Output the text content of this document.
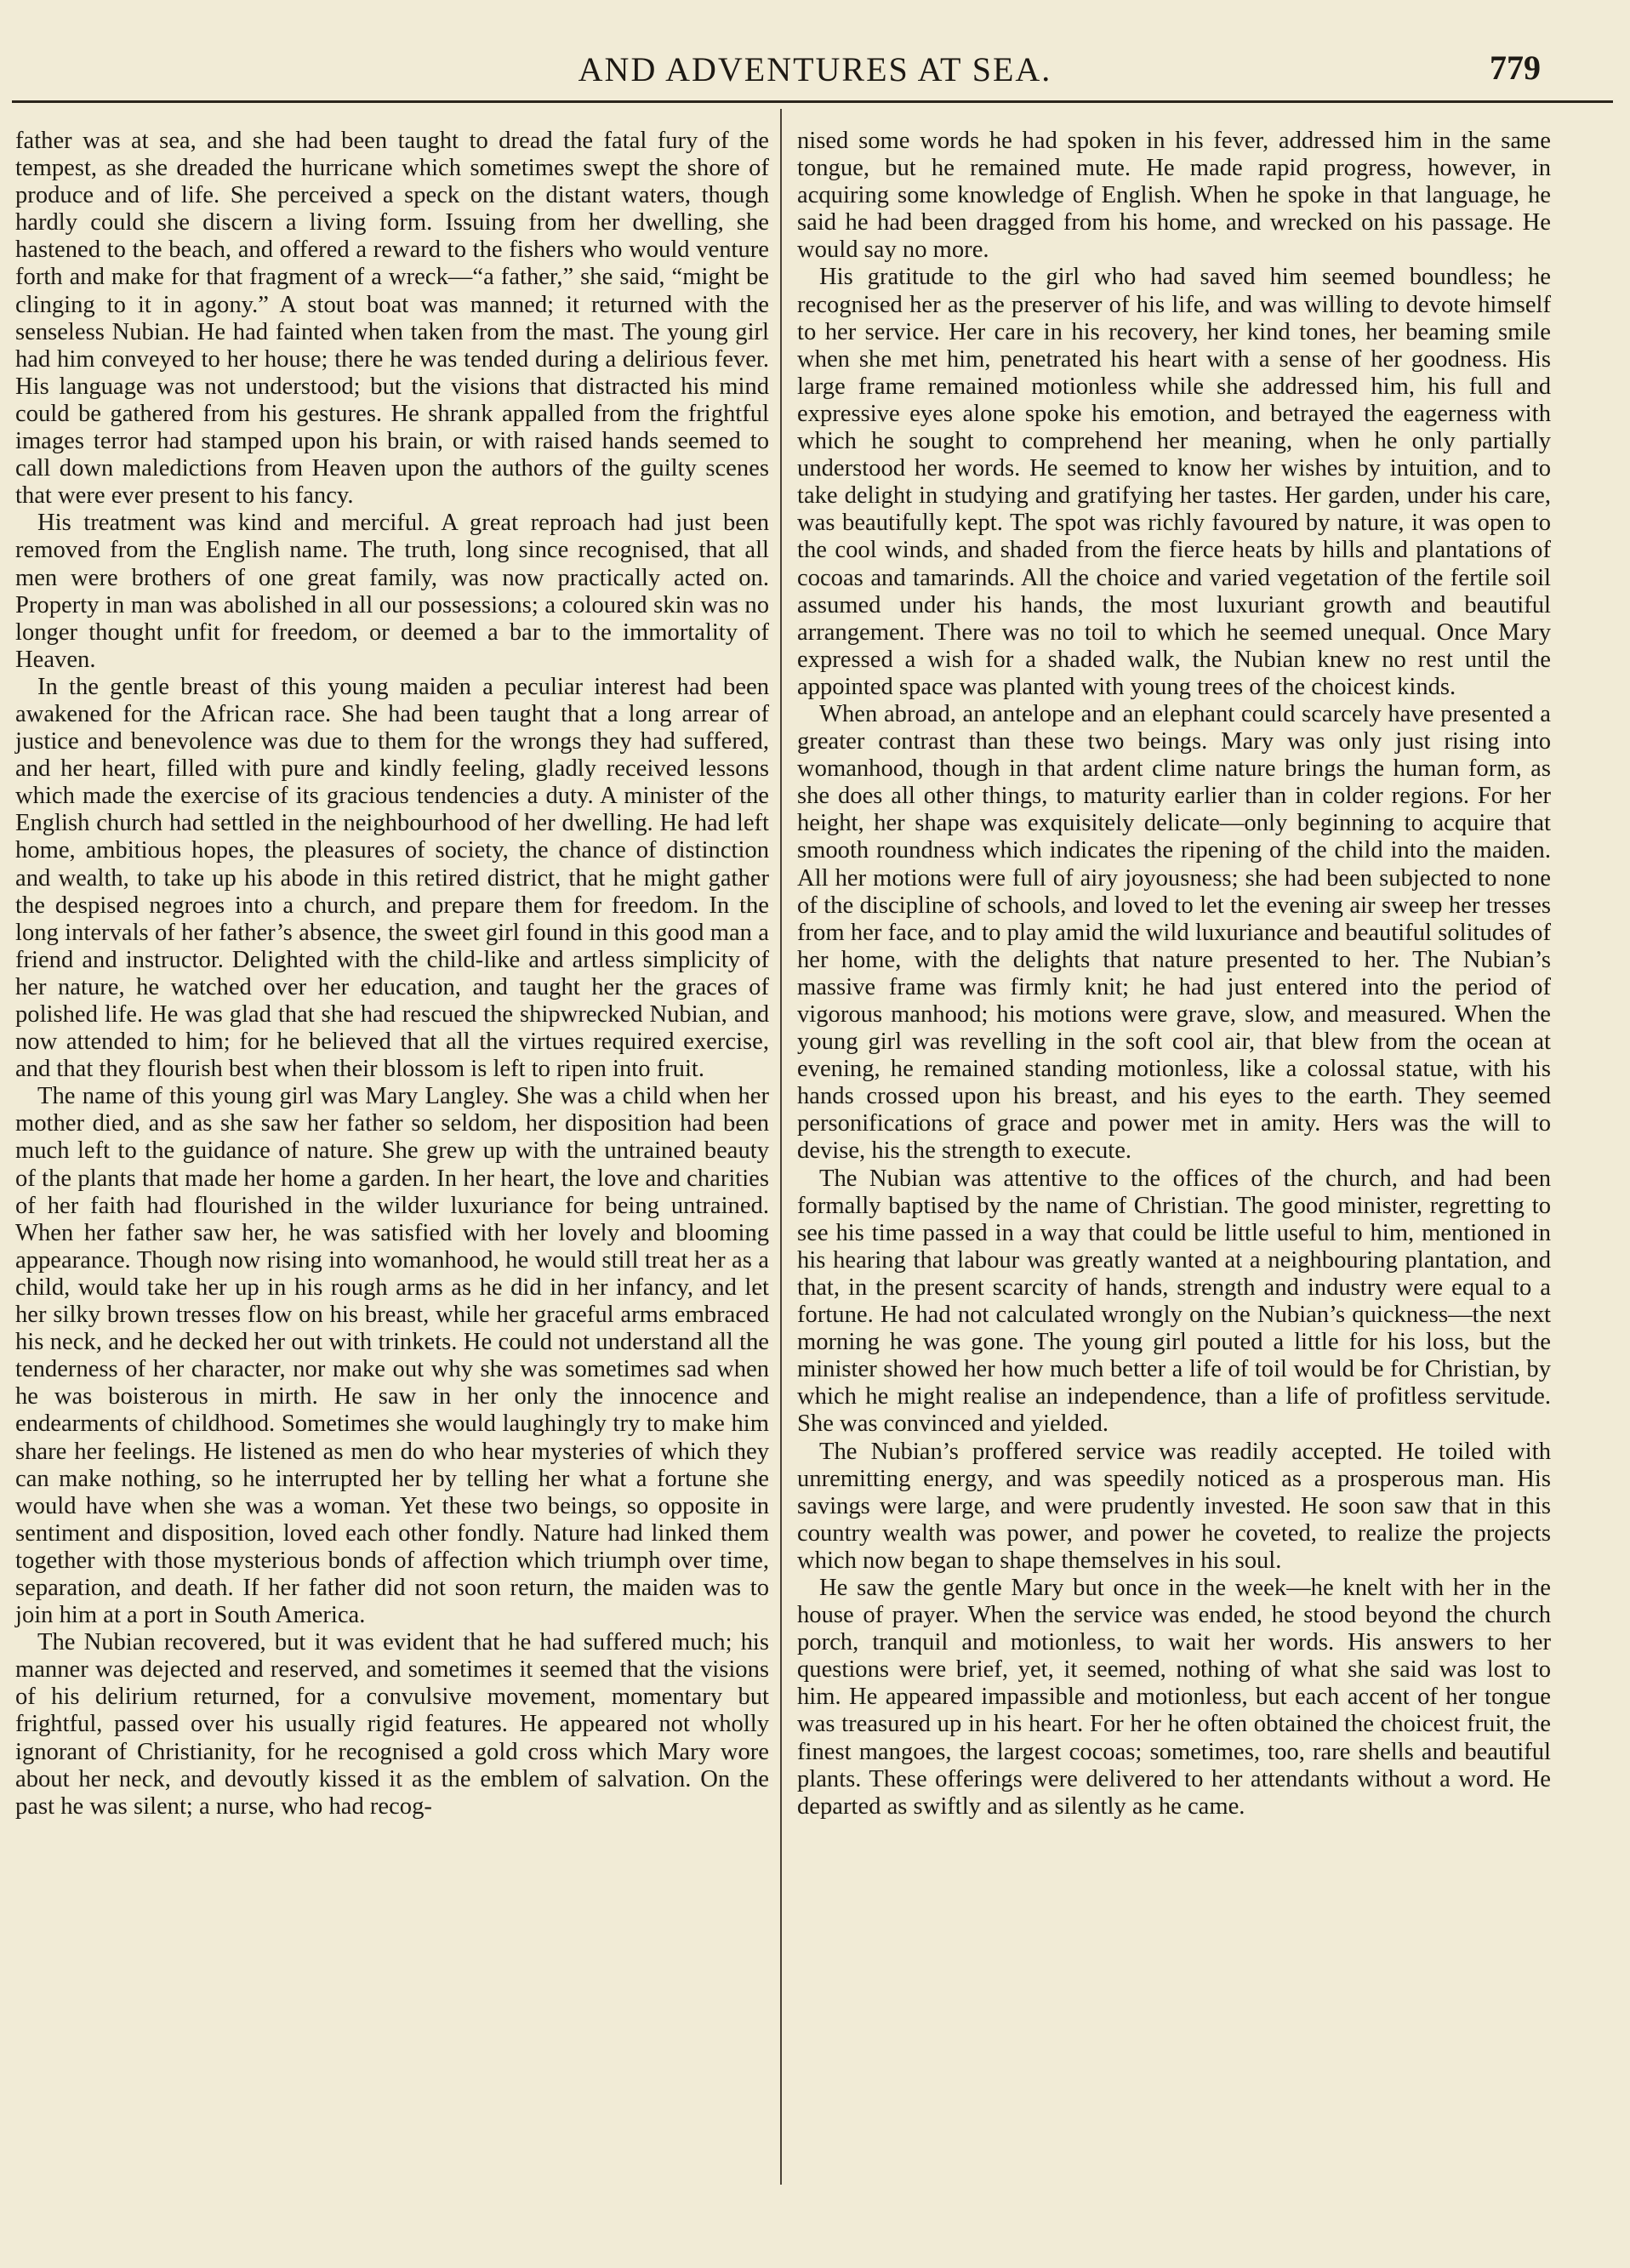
AND ADVENTURES AT SEA.	779

father was at sea, and she had been taught to dread the fatal fury of the tempest, as she dreaded the hurricane which sometimes swept the shore of produce and of life. She perceived a speck on the distant waters, though hardly could she discern a living form. Issuing from her dwelling, she hastened to the beach, and offered a reward to the fishers who would venture forth and make for that fragment of a wreck—“a father,” she said, “might be clinging to it in agony.” A stout boat was manned; it returned with the senseless Nubian. He had fainted when taken from the mast. The young girl had him conveyed to her house; there he was tended during a delirious fever. His language was not understood; but the visions that distracted his mind could be gathered from his gestures. He shrank appalled from the frightful images terror had stamped upon his brain, or with raised hands seemed to call down maledictions from Heaven upon the authors of the guilty scenes that were ever present to his fancy.

His treatment was kind and merciful. A great reproach had just been removed from the English name. The truth, long since recognised, that all men were brothers of one great family, was now practically acted on. Property in man was abolished in all our possessions; a coloured skin was no longer thought unfit for freedom, or deemed a bar to the immortality of Heaven.

In the gentle breast of this young maiden a peculiar interest had been awakened for the African race. She had been taught that a long arrear of justice and benevolence was due to them for the wrongs they had suffered, and her heart, filled with pure and kindly feeling, gladly received lessons which made the exercise of its gracious tendencies a duty. A minister of the English church had settled in the neighbourhood of her dwelling. He had left home, ambitious hopes, the pleasures of society, the chance of distinction and wealth, to take up his abode in this retired district, that he might gather the despised negroes into a church, and prepare them for freedom. In the long intervals of her father’s absence, the sweet girl found in this good man a friend and instructor. Delighted with the child-like and artless simplicity of her nature, he watched over her education, and taught her the graces of polished life. He was glad that she had rescued the shipwrecked Nubian, and now attended to him; for he believed that all the virtues required exercise, and that they flourish best when their blossom is left to ripen into fruit.

The name of this young girl was Mary Langley. She was a child when her mother died, and as she saw her father so seldom, her disposition had been much left to the guidance of nature. She grew up with the untrained beauty of the plants that made her home a garden. In her heart, the love and charities of her faith had flourished in the wilder luxuriance for being untrained. When her father saw her, he was satisfied with her lovely and blooming appearance. Though now rising into womanhood, he would still treat her as a child, would take her up in his rough arms as he did in her infancy, and let her silky brown tresses flow on his breast, while her graceful arms embraced his neck, and he decked her out with trinkets. He could not understand all the tenderness of her character, nor make out why she was sometimes sad when he was boisterous in mirth. He saw in her only the innocence and endearments of childhood. Sometimes she would laughingly try to make him share her feelings. He listened as men do who hear mysteries of which they can make nothing, so he interrupted her by telling her what a fortune she would have when she was a woman. Yet these two beings, so opposite in sentiment and disposition, loved each other fondly. Nature had linked them together with those mysterious bonds of affection which triumph over time, separation, and death. If her father did not soon return, the maiden was to join him at a port in South America.

The Nubian recovered, but it was evident that he had suffered much; his manner was dejected and reserved, and sometimes it seemed that the visions of his delirium returned, for a convulsive movement, momentary but frightful, passed over his usually rigid features. He appeared not wholly ignorant of Christianity, for he recognised a gold cross which Mary wore about her neck, and devoutly kissed it as the emblem of salvation. On the past he was silent; a nurse, who had recog-

nised some words he had spoken in his fever, addressed him in the same tongue, but he remained mute. He made rapid progress, however, in acquiring some knowledge of English. When he spoke in that language, he said he had been dragged from his home, and wrecked on his passage. He would say no more.

His gratitude to the girl who had saved him seemed boundless; he recognised her as the preserver of his life, and was willing to devote himself to her service. Her care in his recovery, her kind tones, her beaming smile when she met him, penetrated his heart with a sense of her goodness. His large frame remained motionless while she addressed him, his full and expressive eyes alone spoke his emotion, and betrayed the eagerness with which he sought to comprehend her meaning, when he only partially understood her words. He seemed to know her wishes by intuition, and to take delight in studying and gratifying her tastes. Her garden, under his care, was beautifully kept. The spot was richly favoured by nature, it was open to the cool winds, and shaded from the fierce heats by hills and plantations of cocoas and tamarinds. All the choice and varied vegetation of the fertile soil assumed under his hands, the most luxuriant growth and beautiful arrangement. There was no toil to which he seemed unequal. Once Mary expressed a wish for a shaded walk, the Nubian knew no rest until the appointed space was planted with young trees of the choicest kinds.

When abroad, an antelope and an elephant could scarcely have presented a greater contrast than these two beings. Mary was only just rising into womanhood, though in that ardent clime nature brings the human form, as she does all other things, to maturity earlier than in colder regions. For her height, her shape was exquisitely delicate—only beginning to acquire that smooth roundness which indicates the ripening of the child into the maiden. All her motions were full of airy joyousness; she had been subjected to none of the discipline of schools, and loved to let the evening air sweep her tresses from her face, and to play amid the wild luxuriance and beautiful solitudes of her home, with the delights that nature presented to her. The Nubian’s massive frame was firmly knit; he had just entered into the period of vigorous manhood; his motions were grave, slow, and measured. When the young girl was revelling in the soft cool air, that blew from the ocean at evening, he remained standing motionless, like a colossal statue, with his hands crossed upon his breast, and his eyes to the earth. They seemed personifications of grace and power met in amity. Hers was the will to devise, his the strength to execute.

The Nubian was attentive to the offices of the church, and had been formally baptised by the name of Christian. The good minister, regretting to see his time passed in a way that could be little useful to him, mentioned in his hearing that labour was greatly wanted at a neighbouring plantation, and that, in the present scarcity of hands, strength and industry were equal to a fortune. He had not calculated wrongly on the Nubian’s quickness—the next morning he was gone. The young girl pouted a little for his loss, but the minister showed her how much better a life of toil would be for Christian, by which he might realise an independence, than a life of profitless servitude. She was convinced and yielded.

The Nubian’s proffered service was readily accepted. He toiled with unremitting energy, and was speedily noticed as a prosperous man. His savings were large, and were prudently invested. He soon saw that in this country wealth was power, and power he coveted, to realize the projects which now began to shape themselves in his soul.

He saw the gentle Mary but once in the week—he knelt with her in the house of prayer. When the service was ended, he stood beyond the church porch, tranquil and motionless, to wait her words. His answers to her questions were brief, yet, it seemed, nothing of what she said was lost to him. He appeared impassible and motionless, but each accent of her tongue was treasured up in his heart. For her he often obtained the choicest fruit, the finest mangoes, the largest cocoas; sometimes, too, rare shells and beautiful plants. These offerings were delivered to her attendants without a word. He departed as swiftly and as silently as he came.
